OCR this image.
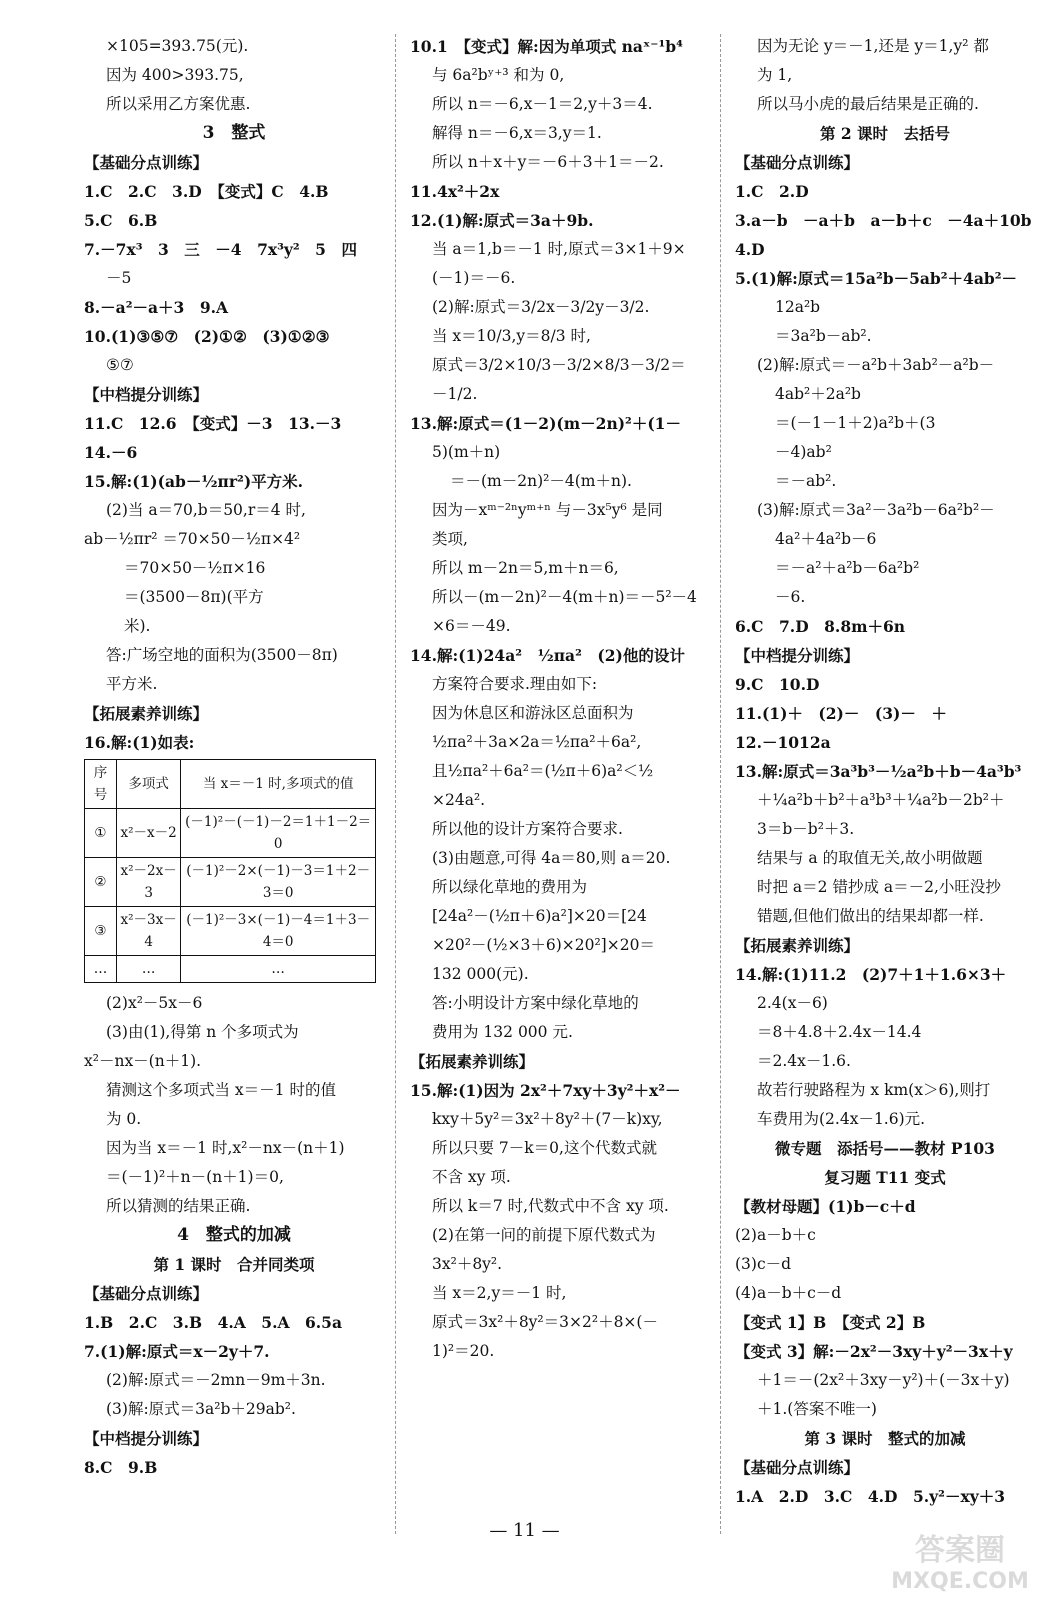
×105=393.75(元).
因为 400>393.75,
所以采用乙方案优惠.
3　整式
【基础分点训练】
1.C　2.C　3.D　【变式】C　4.B
5.C　6.B
7.－7x³　3　三　－4　7x³y²　5　四
－5
8.－a²－a＋3　9.A
10.(1)③⑤⑦　(2)①②　(3)①②③
⑤⑦
【中档提分训练】
11.C　12.6　【变式】－3　13.－3
14.－6
15.解:(1)(ab－½πr²)平方米.
(2)当 a＝70,b＝50,r＝4 时,
ab－½πr² ＝70×50－½π×4²
＝70×50－½π×16
＝(3500－8π)(平方
米).
答:广场空地的面积为(3500－8π)
平方米.
【拓展素养训练】
16.解:(1)如表:
序号	多项式	当 x＝－1 时,多项式的值
①	x²－x－2	(－1)²－(－1)－2＝1＋1－2＝0
②	x²－2x－3	(－1)²－2×(－1)－3＝1＋2－3＝0
③	x²－3x－4	(－1)²－3×(－1)－4＝1＋3－4＝0
…	…	…
(2)x²－5x－6
(3)由(1),得第 n 个多项式为
x²－nx－(n＋1).
猜测这个多项式当 x＝－1 时的值
为 0.
因为当 x＝－1 时,x²－nx－(n＋1)
＝(－1)²＋n－(n＋1)＝0,
所以猜测的结果正确.
4　整式的加减
第 1 课时　合并同类项
【基础分点训练】
1.B　2.C　3.B　4.A　5.A　6.5a
7.(1)解:原式＝x－2y＋7.
(2)解:原式＝－2mn－9m＋3n.
(3)解:原式＝3a²b＋29ab².
【中档提分训练】
8.C　9.B
10.1　【变式】解:因为单项式 naˣ⁻¹b⁴
与 6a²bʸ⁺³ 和为 0,
所以 n＝－6,x－1＝2,y＋3＝4.
解得 n＝－6,x＝3,y＝1.
所以 n＋x＋y＝－6＋3＋1＝－2.
11.4x²＋2x
12.(1)解:原式＝3a＋9b.
当 a＝1,b＝－1 时,原式＝3×1＋9×
(－1)＝－6.
(2)解:原式＝3/2x－3/2y－3/2.
当 x＝10/3,y＝8/3 时,
原式＝3/2×10/3－3/2×8/3－3/2＝
－1/2.
13.解:原式＝(1－2)(m－2n)²＋(1－
5)(m＋n)
＝－(m－2n)²－4(m＋n).
因为－xᵐ⁻²ⁿyᵐ⁺ⁿ 与－3x⁵y⁶ 是同
类项,
所以 m－2n＝5,m＋n＝6,
所以－(m－2n)²－4(m＋n)＝－5²－4
×6＝－49.
14.解:(1)24a²　½πa²　(2)他的设计
方案符合要求.理由如下:
因为休息区和游泳区总面积为
½πa²＋3a×2a＝½πa²＋6a²,
且½πa²＋6a²＝(½π＋6)a²＜½
×24a².
所以他的设计方案符合要求.
(3)由题意,可得 4a＝80,则 a＝20.
所以绿化草地的费用为
[24a²－(½π＋6)a²]×20＝[24
×20²－(½×3＋6)×20²]×20＝
132 000(元).
答:小明设计方案中绿化草地的
费用为 132 000 元.
【拓展素养训练】
15.解:(1)因为 2x²＋7xy＋3y²＋x²－
kxy＋5y²＝3x²＋8y²＋(7－k)xy,
所以只要 7－k＝0,这个代数式就
不含 xy 项.
所以 k＝7 时,代数式中不含 xy 项.
(2)在第一问的前提下原代数式为
3x²＋8y².
当 x＝2,y＝－1 时,
原式＝3x²＋8y²＝3×2²＋8×(－
1)²＝20.
因为无论 y＝－1,还是 y＝1,y² 都
为 1,
所以马小虎的最后结果是正确的.
第 2 课时　去括号
【基础分点训练】
1.C　2.D
3.a－b　－a＋b　a－b＋c　－4a＋10b
4.D
5.(1)解:原式＝15a²b－5ab²＋4ab²－
12a²b
＝3a²b－ab².
(2)解:原式＝－a²b＋3ab²－a²b－
4ab²＋2a²b
＝(－1－1＋2)a²b＋(3
－4)ab²
＝－ab².
(3)解:原式＝3a²－3a²b－6a²b²－
4a²＋4a²b－6
＝－a²＋a²b－6a²b²
－6.
6.C　7.D　8.8m＋6n
【中档提分训练】
9.C　10.D
11.(1)＋　(2)－　(3)－　＋
12.－1012a
13.解:原式＝3a³b³－½a²b＋b－4a³b³
＋¼a²b＋b²＋a³b³＋¼a²b－2b²＋
3＝b－b²＋3.
结果与 a 的取值无关,故小明做题
时把 a＝2 错抄成 a＝－2,小旺没抄
错题,但他们做出的结果却都一样.
【拓展素养训练】
14.解:(1)11.2　(2)7＋1＋1.6×3＋
2.4(x－6)
＝8＋4.8＋2.4x－14.4
＝2.4x－1.6.
故若行驶路程为 x km(x＞6),则打
车费用为(2.4x－1.6)元.
微专题　添括号——教材 P103
复习题 T11 变式
【教材母题】(1)b－c＋d
(2)a－b＋c
(3)c－d
(4)a－b＋c－d
【变式 1】B　【变式 2】B
【变式 3】解:－2x²－3xy＋y²－3x＋y
＋1＝－(2x²＋3xy－y²)＋(－3x＋y)
＋1.(答案不唯一)
第 3 课时　整式的加减
【基础分点训练】
1.A　2.D　3.C　4.D　5.y²－xy＋3
— 11 —
答案圈
MXQE.COM
